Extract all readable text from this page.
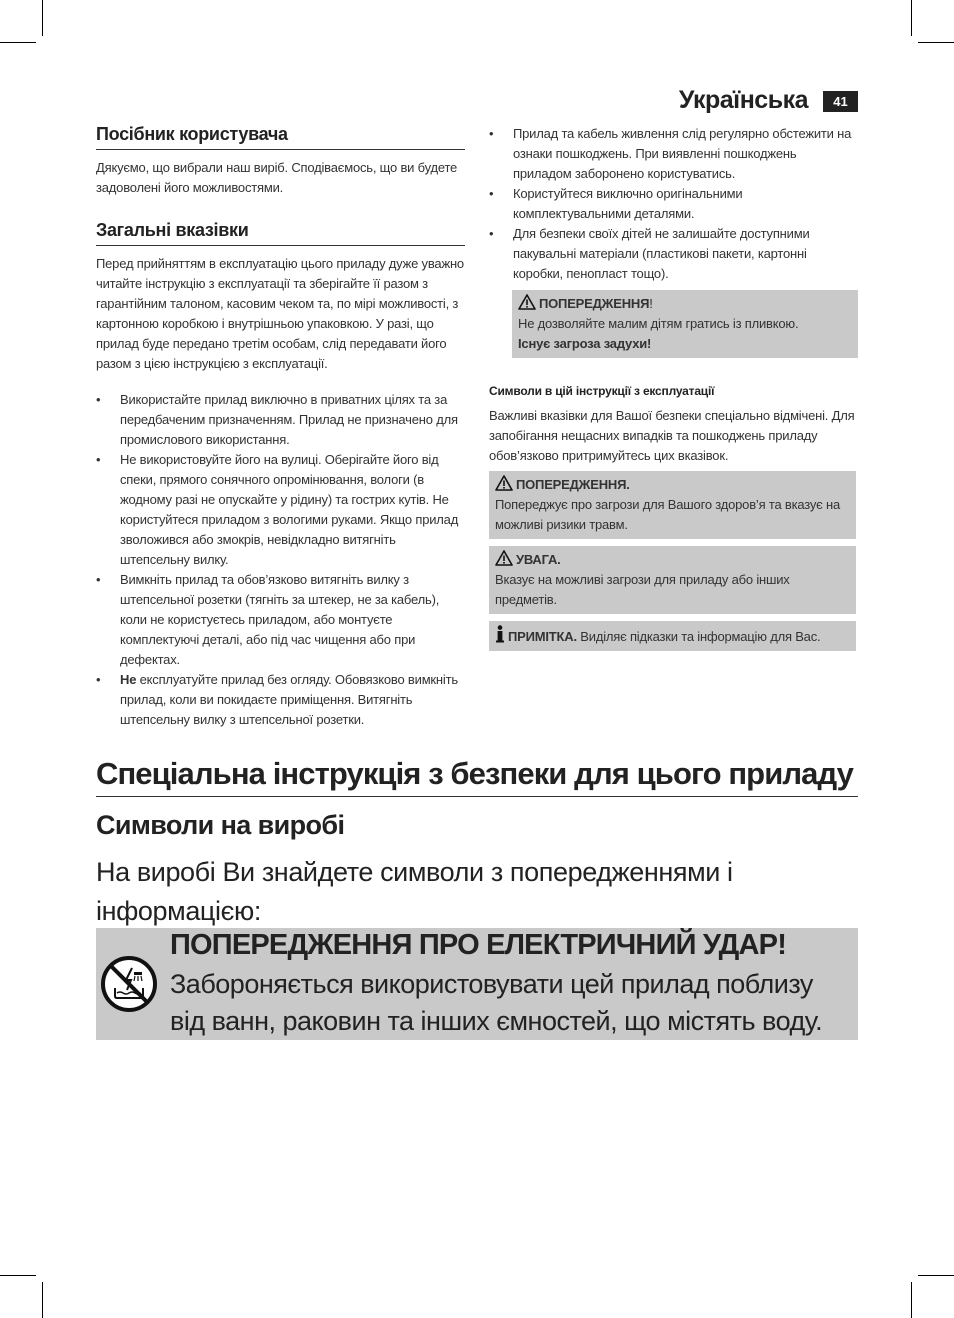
Українська	41
Посібник користувача

Дякуємо, що вибрали наш виріб. Сподіваємось, що ви будете задоволені його можливостями.

Загальні вказівки

Перед прийняттям в експлуатацію цього приладу дуже уважно читайте інструкцію з експлуатації та зберігайте її разом з гарантійним талоном, касовим чеком та, по мірі можливості, з картонною коробкою і внутрішньою упаковкою. У разі, що прилад буде передано третім особам, слід передавати його разом з цією інструкцією з експлуатації.

• Використайте прилад виключно в приватних цілях та за передбаченим призначенням. Прилад не призначено для промислового використання.
• Не використовуйте його на вулиці. Оберігайте його від спеки, прямого сонячного опромінювання, вологи (в жодному разі не опускайте у рідину) та гострих кутів. Не користуйтеся приладом з вологими руками. Якщо прилад зволожився або змокрів, невідкладно витягніть штепсельну вилку.
• Вимкніть прилад та обов’язково витягніть вилку з штепсельної розетки (тягніть за штекер, не за кабель), коли не користуєтесь приладом, або монтуєте комплектуючі деталі, або під час чищення або при дефектах.
• Не експлуатуйте прилад без огляду. Обовязково вимкніть прилад, коли ви покидаєте приміщення. Витягніть штепсельну вилку з штепсельної розетки.
• Прилад та кабель живлення слід регулярно обстежити на ознаки пошкоджень. При виявленні пошкоджень приладом заборонено користуватись.
• Користуйтеся виключно оригінальними комплектувальними деталями.
• Для безпеки своїх дітей не залишайте доступними пакувальні матеріали (пластикові пакети, картонні коробки, пенопласт тощо).
ПОПЕРЕДЖЕННЯ!
Не дозволяйте малим дітям гратись із пливкою.
Існує загроза задухи!
Символи в цій інструкції з експлуатації

Важливі вказівки для Вашої безпеки спеціально відмічені. Для запобігання нещасних випадків та пошкоджень приладу обов’язково притримуйтесь цих вказівок.

ПОПЕРЕДЖЕННЯ.
Попереджує про загрози для Вашого здоров’я та вказує на можливі ризики травм.
УВАГА.
Вказує на можливі загрози для приладу або інших предметів.
ПРИМІТКА. Виділяє підказки та інформацію для Вас.
Спеціальна інструкція з безпеки для цього приладу
Символи на виробі

На виробі Ви знайдете символи з попередженнями і інформацією:

ПОПЕРЕДЖЕННЯ ПРО ЕЛЕКТРИЧНИЙ УДАР!
Забороняється використовувати цей прилад поблизу від ванн, раковин та інших ємностей, що містять воду.
